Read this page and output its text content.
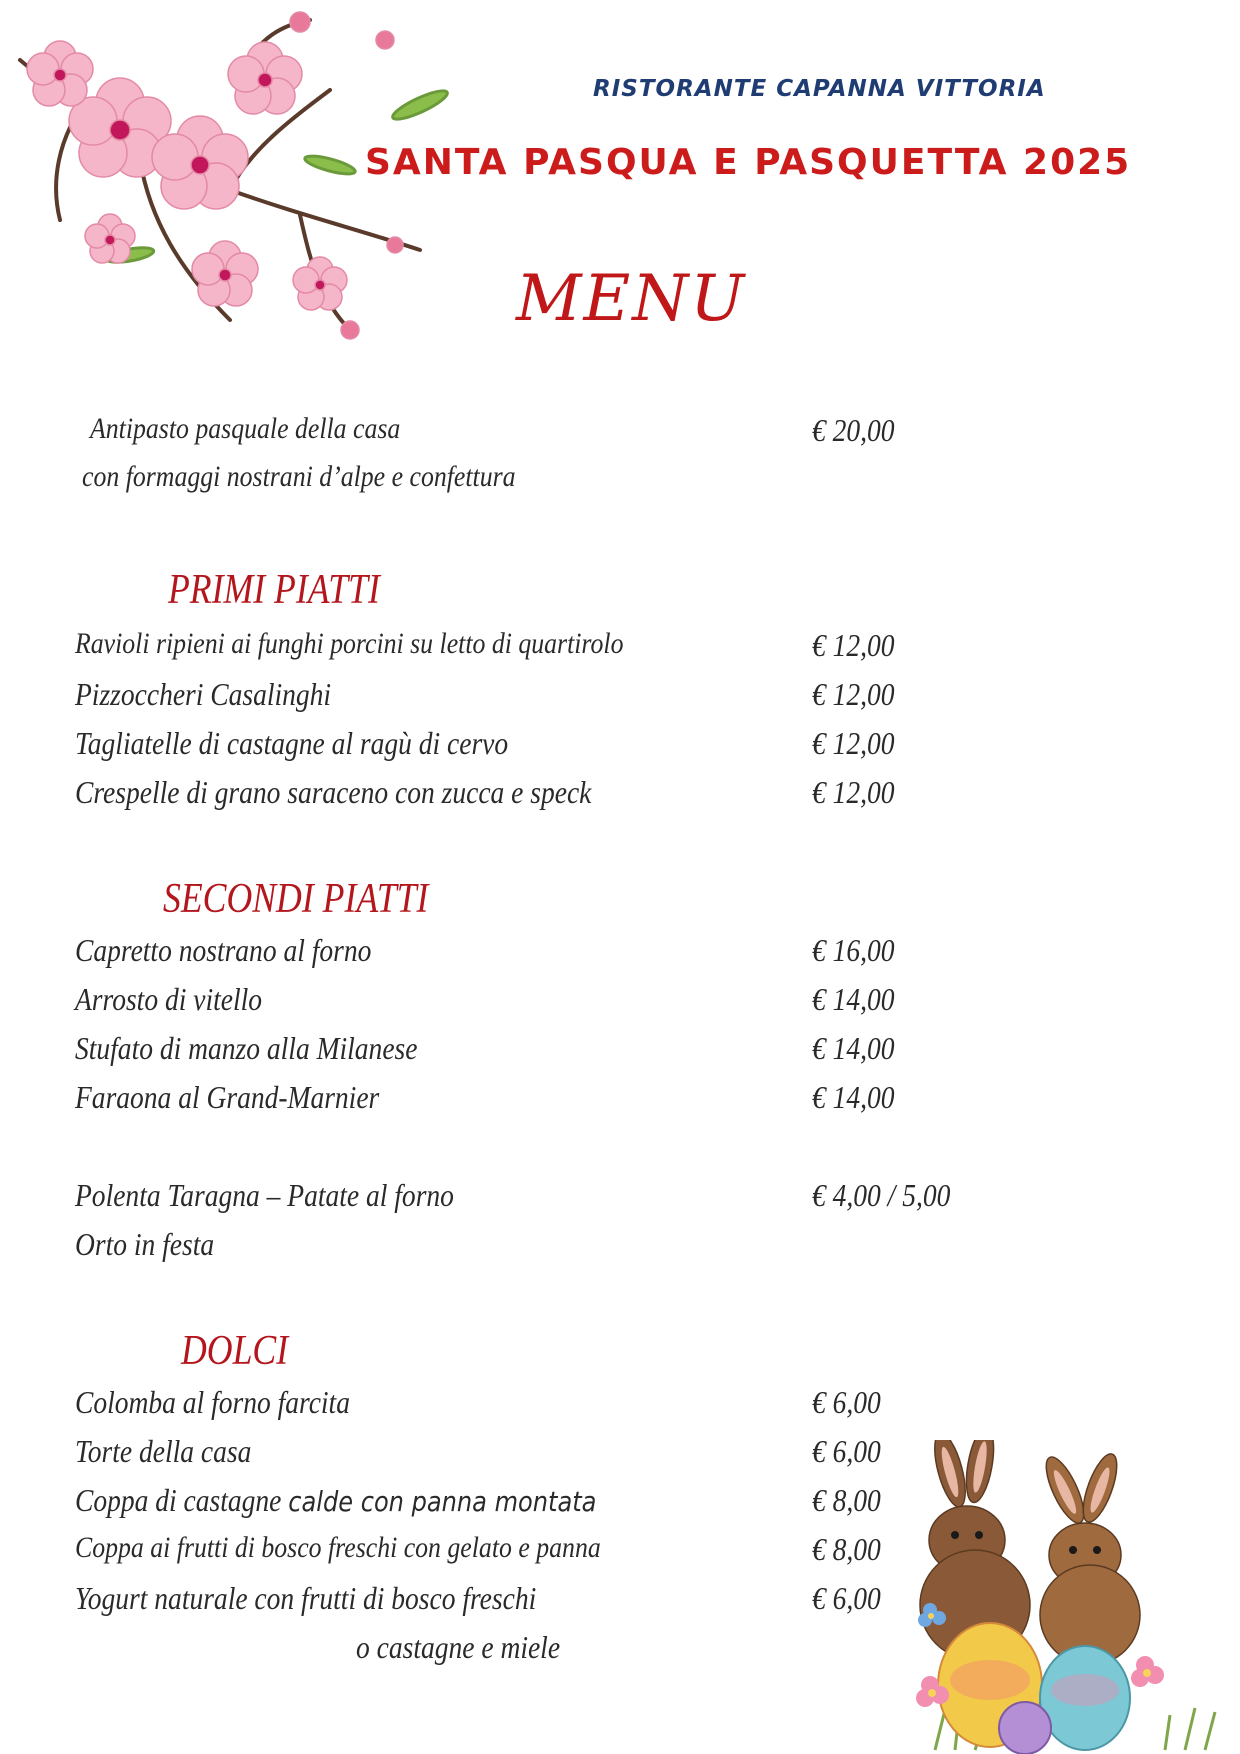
RISTORANTE CAPANNA VITTORIA
SANTA PASQUA E PASQUETTA 2025
MENU
Antipasto pasquale della casa	€ 20,00
con formaggi nostrani d’alpe e confettura
PRIMI PIATTI
Ravioli ripieni ai funghi porcini su letto di quartirolo	€ 12,00
Pizzoccheri Casalinghi	€ 12,00
Tagliatelle di castagne al ragù di cervo	€ 12,00
Crespelle di grano saraceno con zucca e speck	€ 12,00
SECONDI PIATTI
Capretto nostrano al forno	€ 16,00
Arrosto di vitello	€ 14,00
Stufato di manzo alla Milanese	€ 14,00
Faraona al Grand-Marnier	€ 14,00
Polenta Taragna – Patate al forno	€ 4,00 / 5,00
Orto in festa
DOLCI
Colomba al forno farcita	€ 6,00
Torte della casa	€ 6,00
Coppa di castagne calde con panna montata	€ 8,00
Coppa ai frutti di bosco freschi con gelato e panna	€ 8,00
Yogurt naturale con frutti di bosco freschi	€ 6,00
o castagne e miele
